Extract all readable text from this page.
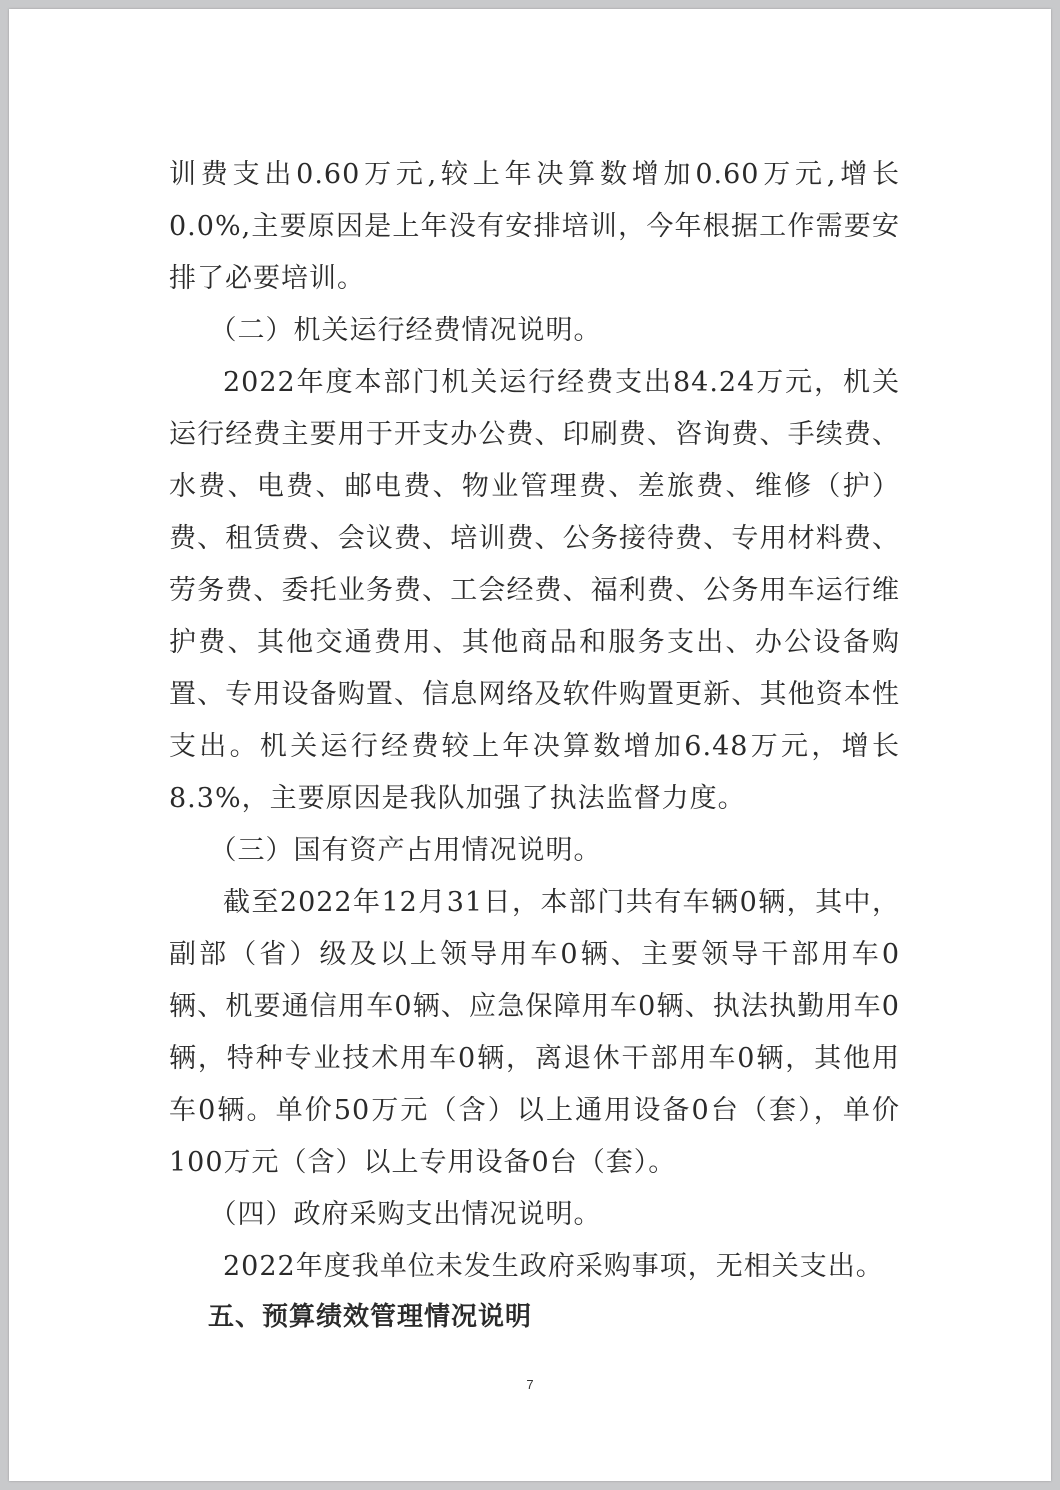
训费支出0.60万元,较上年决算数增加0.60万元,增长0.0%,主要原因是上年没有安排培训，今年根据工作需要安排了必要培训。

（二）机关运行经费情况说明。

2022年度本部门机关运行经费支出84.24万元，机关运行经费主要用于开支办公费、印刷费、咨询费、手续费、水费、电费、邮电费、物业管理费、差旅费、维修（护）费、租赁费、会议费、培训费、公务接待费、专用材料费、劳务费、委托业务费、工会经费、福利费、公务用车运行维护费、其他交通费用、其他商品和服务支出、办公设备购置、专用设备购置、信息网络及软件购置更新、其他资本性支出。机关运行经费较上年决算数增加6.48万元，增长8.3%，主要原因是我队加强了执法监督力度。

（三）国有资产占用情况说明。

截至2022年12月31日，本部门共有车辆0辆，其中，副部（省）级及以上领导用车0辆、主要领导干部用车0辆、机要通信用车0辆、应急保障用车0辆、执法执勤用车0辆，特种专业技术用车0辆，离退休干部用车0辆，其他用车0辆。单价50万元（含）以上通用设备0台（套），单价100万元（含）以上专用设备0台（套）。

（四）政府采购支出情况说明。

2022年度我单位未发生政府采购事项，无相关支出。

五、预算绩效管理情况说明

7
